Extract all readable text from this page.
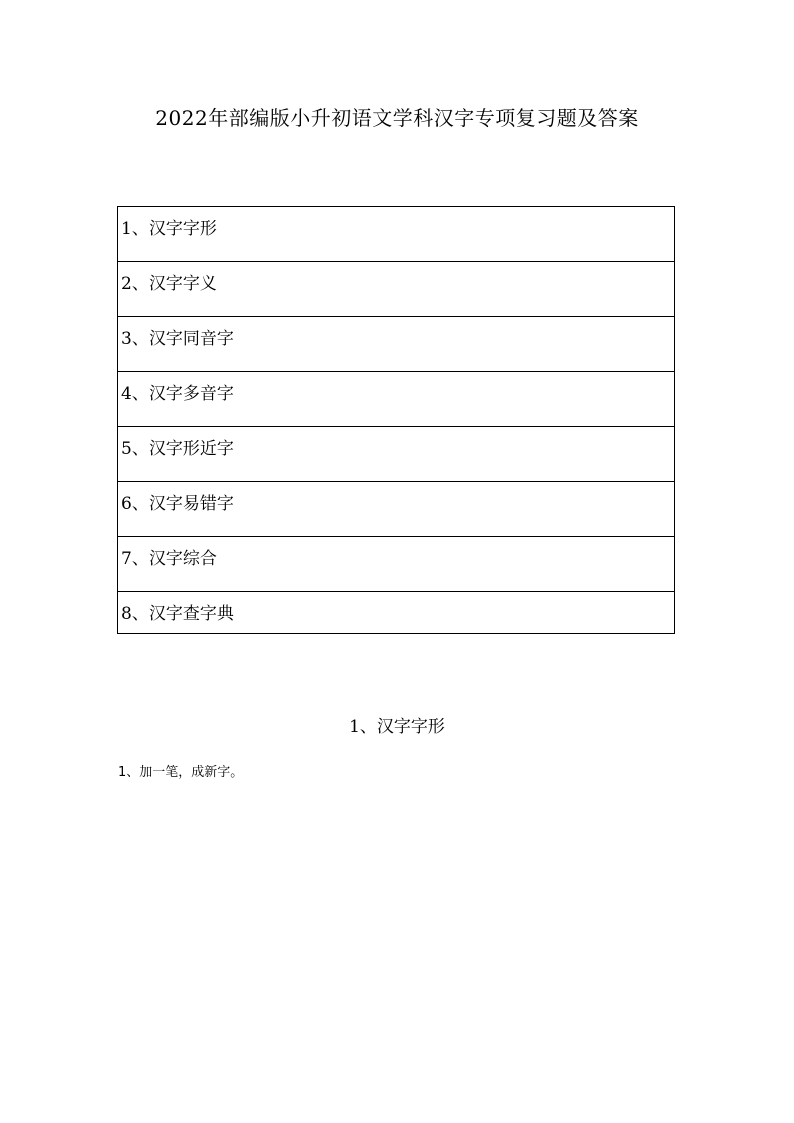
2022年部编版小升初语文学科汉字专项复习题及答案
1、汉字字形
2、汉字字义
3、汉字同音字
4、汉字多音字
5、汉字形近字
6、汉字易错字
7、汉字综合
8、汉字查字典
1、汉字字形
1、加一笔，成新字。
